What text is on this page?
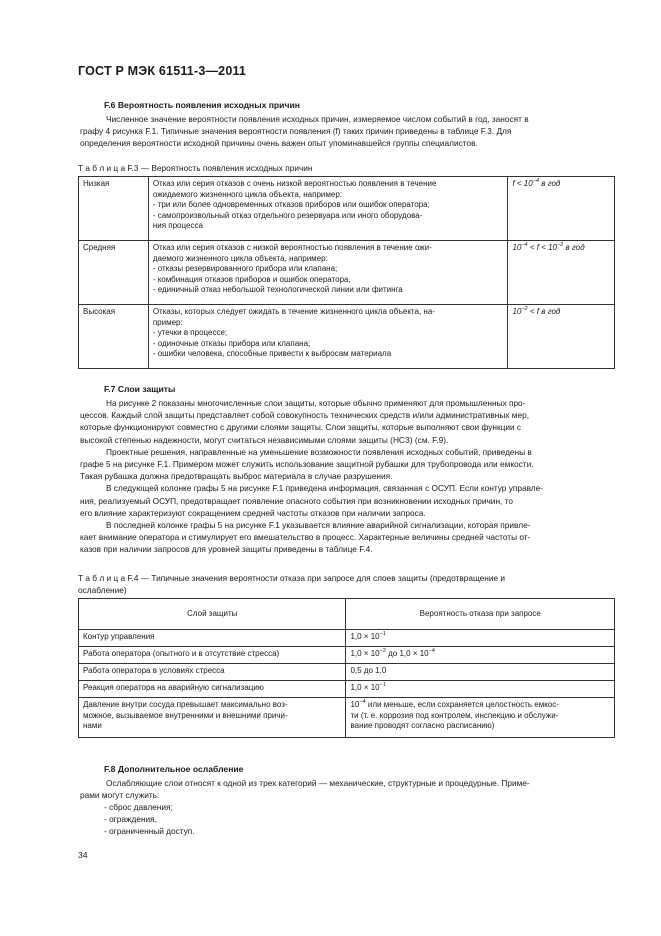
ГОСТ Р МЭК 61511-3—2011
F.6 Вероятность появления исходных причин
Численное значение вероятности появления исходных причин, измеряемое числом событий в год, заносят в
графу 4 рисунка F.1. Типичные значения вероятности появления (f) таких причин приведены в таблице F.3. Для
определения вероятности исходной причины очень важен опыт упоминавшейся группы специалистов.
Т а б л и ц а F.3 — Вероятность появления исходных причин
Низкая	Отказ или серия отказов с очень низкой вероятностью появления в течение
ожидаемого жизненного цикла объекта, например:
- три или более одновременных отказов приборов или ошибок оператора;
- самопроизвольный отказ отдельного резервуара или иного оборудова-
ния процесса	$f < 10^{-4}$ в год

Средняя	Отказ или серия отказов с низкой вероятностью появления в течение ожи-
даемого жизненного цикла объекта, например:
- отказы резервированного прибора или клапана;
- комбинация отказов приборов и ошибок оператора,
- единичный отказ небольшой технологической линии или фитинга	$10^{-4} < f < 10^{-2}$ в год

Высокая	Отказы, которых следует ожидать в течение жизненного цикла объекта, на-
пример:
- утечки в процессе;
- одиночные отказы прибора или клапана;
- ошибки человека, способные привести к выбросам материала	$10^{-2} < f$ в год
F.7 Слои защиты
На рисунке 2 показаны многочисленные слои защиты, которые обычно применяют для промышленных про-
цессов. Каждый слой защиты представляет собой совокупность технических средств и/или административных мер,
которые функционируют совместно с другими слоями защиты. Слои защиты, которые выполняют свои функции с
высокой степенью надежности, могут считаться независимыми слоями защиты (НСЗ) (см. F.9).
Проектные решения, направленные на уменьшение возможности появления исходных событий, приведены в
графе 5 на рисунке F.1. Примером может служить использование защитной рубашки для трубопровода или емкости.
Такая рубашка должна предотвращать выброс материала в случае разрушения.
В следующей колонке графы 5 на рисунке F.1 приведена информация, связанная с ОСУП. Если контур управле-
ния, реализуемый ОСУП, предотвращает появление опасного события при возникновении исходных причин, то
его влияние характеризуют сокращением средней частоты отказов при наличии запроса.
В последней колонке графы 5 на рисунке F.1 указывается влияние аварийной сигнализации, которая привле-
кает внимание оператора и стимулирует его вмешательство в процесс. Характерные величины средней частоты от-
казов при наличии запросов для уровней защиты приведены в таблице F.4.
Т а б л и ц а F.4 — Типичные значения вероятности отказа при запросе для слоев защиты (предотвращение и
ослабление)
Слой защиты	Вероятность отказа при запросе

Контур управления	$1,0 \times 10^{-1}$

Работа оператора (опытного и в отсутствие стресса)	$1,0 \times 10^{-2}$ до $1,0 \times 10^{-4}$

Работа оператора в условиях стресса	0,5 до 1,0

Реакция оператора на аварийную сигнализацию	$1,0 \times 10^{-1}$

Давление внутри сосуда превышает максимально воз-
можное, вызываемое внутренними и внешними причи-
нами	$10^{-4}$ или меньше, если сохраняется целостность емкос-
ти (т. е. коррозия под контролем, инспекцию и обслужи-
вание проводят согласно расписанию)
F.8 Дополнительное ослабление
Ослабляющие слои относят к одной из трех категорий — механические, структурные и процедурные. Приме-
рами могут служить:
- сброс давления;
- ограждения,
- ограниченный доступ.
34
